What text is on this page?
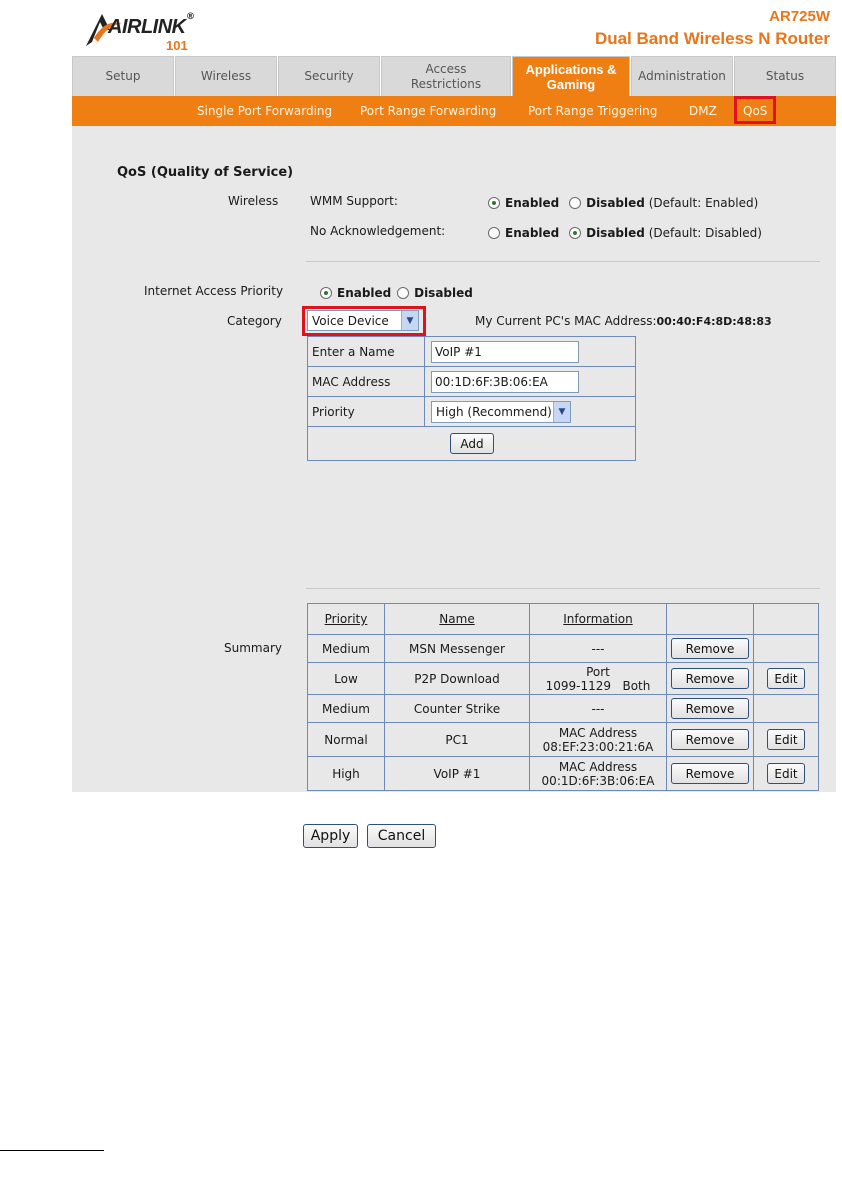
AIRLINK ®
101
AR725W
Dual Band Wireless N Router
Setup	Wireless	Security
Access Restrictions
Applications & Gaming
Administration	Status
Single Port Forwarding Port Range Forwarding	Port Range Triggering	DMZ QoS
QoS (Quality of Service)
Wireless	WMM Support:	Enabled Disabled (Default: Enabled)
No Acknowledgement:	Enabled Disabled (Default: Disabled)
Internet Access Priority	Enabled Disabled
Category	Voice Device	▼	My Current PC's MAC Address:00:40:F4:8D:48:83
Enter a Name	VoIP #1

MAC Address	00:1D:6F:3B:06:EA

Priority	High (Recommend) ▼

Add	
Summary
Priority	Name	Information		
Medium	MSN Messenger	---	Remove	

Low	P2P Download	Port
1099-1129   Both	Remove	Edit

Medium	Counter Strike	---	Remove	

Normal	PC1	MAC Address
08:EF:23:00:21:6A	Remove	Edit

High	VoIP #1	MAC Address
00:1D:6F:3B:06:EA	Remove	Edit
Apply	Cancel
